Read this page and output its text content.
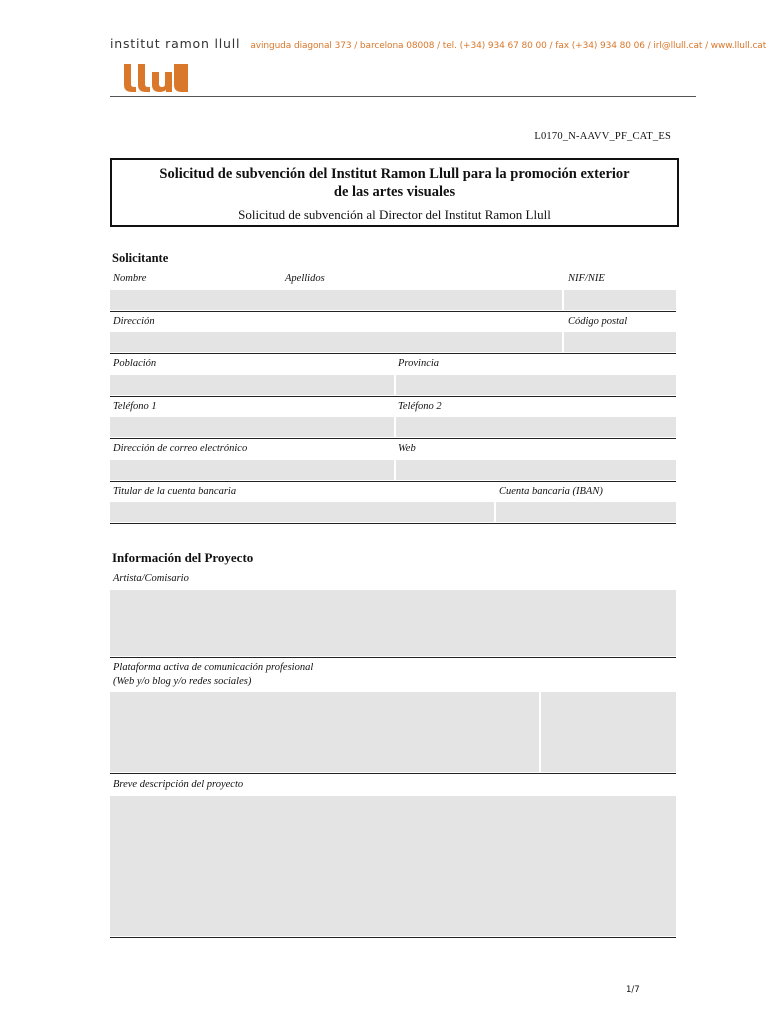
institut ramon llull avinguda diagonal 373 / barcelona 08008 / tel. (+34) 934 67 80 00 / fax (+34) 934 80 06 / irl@llull.cat / www.llull.cat
L0170_N-AAVV_PF_CAT_ES
Solicitud de subvención del Institut Ramon Llull para la promoción exterior
de las artes visuales
Solicitud de subvención al Director del Institut Ramon Llull
Solicitante
Nombre	Apellidos	NIF/NIE
Dirección	Código postal
Población	Provincia
Teléfono 1	Teléfono 2
Dirección de correo electrónico	Web
Titular de la cuenta bancaria	Cuenta bancaria (IBAN)
Información del Proyecto
Artista/Comisario
Plataforma activa de comunicación profesional
(Web y/o blog y/o redes sociales)
Breve descripción del proyecto
1/7
